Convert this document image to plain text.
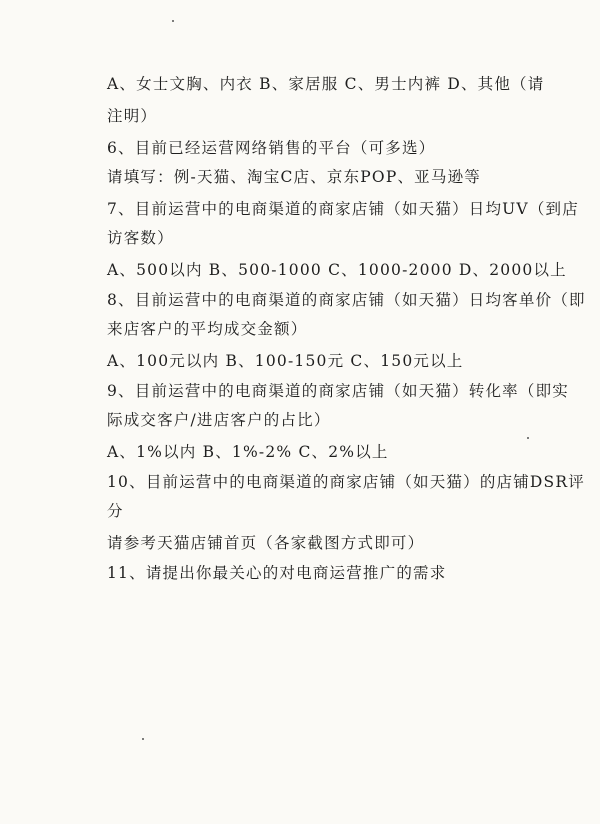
A、女士文胸、内衣 B、家居服 C、男士内裤 D、其他（请
注明）
6、目前已经运营网络销售的平台（可多选）
请填写：例-天猫、淘宝C店、京东POP、亚马逊等
7、目前运营中的电商渠道的商家店铺（如天猫）日均UV（到店
访客数）
A、500以内 B、500-1000 C、1000-2000 D、2000以上
8、目前运营中的电商渠道的商家店铺（如天猫）日均客单价（即
来店客户的平均成交金额）
A、100元以内 B、100-150元 C、150元以上
9、目前运营中的电商渠道的商家店铺（如天猫）转化率（即实
际成交客户/进店客户的占比）
A、1%以内 B、1%-2% C、2%以上
10、目前运营中的电商渠道的商家店铺（如天猫）的店铺DSR评
分
请参考天猫店铺首页（各家截图方式即可）
11、请提出你最关心的对电商运营推广的需求
